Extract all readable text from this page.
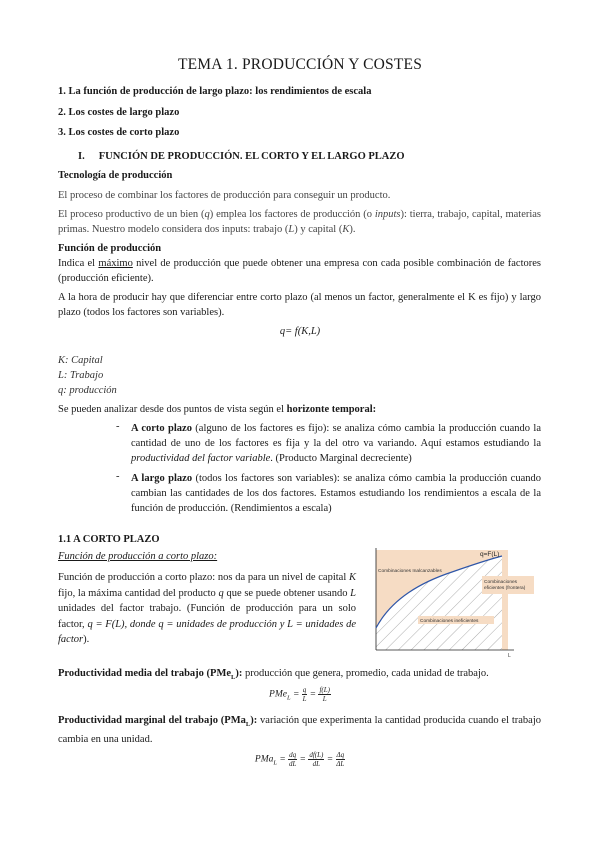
TEMA 1. PRODUCCIÓN Y COSTES
1. La función de producción de largo plazo: los rendimientos de escala
2. Los costes de largo plazo
3. Los costes de corto plazo
I. FUNCIÓN DE PRODUCCIÓN. EL CORTO Y EL LARGO PLAZO
Tecnología de producción
El proceso de combinar los factores de producción para conseguir un producto.
El proceso productivo de un bien (q) emplea los factores de producción (o inputs): tierra, trabajo, capital, materias primas. Nuestro modelo considera dos inputs: trabajo (L) y capital (K).
Función de producción
Indica el máximo nivel de producción que puede obtener una empresa con cada posible combinación de factores (producción eficiente).
A la hora de producir hay que diferenciar entre corto plazo (al menos un factor, generalmente el K es fijo) y largo plazo (todos los factores son variables).
q= f(K,L)
K: Capital
L: Trabajo
q: producción
Se pueden analizar desde dos puntos de vista según el horizonte temporal:
- A corto plazo (alguno de los factores es fijo): se analiza cómo cambia la producción cuando la cantidad de uno de los factores es fija y la del otro va variando. Aquí estamos estudiando la productividad del factor variable. (Producto Marginal decreciente)
- A largo plazo (todos los factores son variables): se analiza cómo cambia la producción cuando cambian las cantidades de los dos factores. Estamos estudiando los rendimientos a escala de la función de producción. (Rendimientos a escala)
1.1 A CORTO PLAZO
Función de producción a corto plazo:
Función de producción a corto plazo: nos da para un nivel de capital K fijo, la máxima cantidad del producto q que se puede obtener usando L unidades del factor trabajo. (Función de producción para un solo factor, q = F(L), donde q = unidades de producción y L = unidades de factor).
q=F(L)
Combinaciones Inalcanzables
Combinaciones eficientes (frontera)
Combinaciones ineficientes
L
Productividad media del trabajo (PMe$_L$): producción que genera, promedio, cada unidad de trabajo.
$PMe_L = \frac{q}{L} = \frac{f(L)}{L}$
Productividad marginal del trabajo (PMa$_L$): variación que experimenta la cantidad producida cuando el trabajo cambia en una unidad.
$PMa_L = \frac{dq}{dL} = \frac{df(L)}{dL} = \frac{\Delta q}{\Delta L}$
